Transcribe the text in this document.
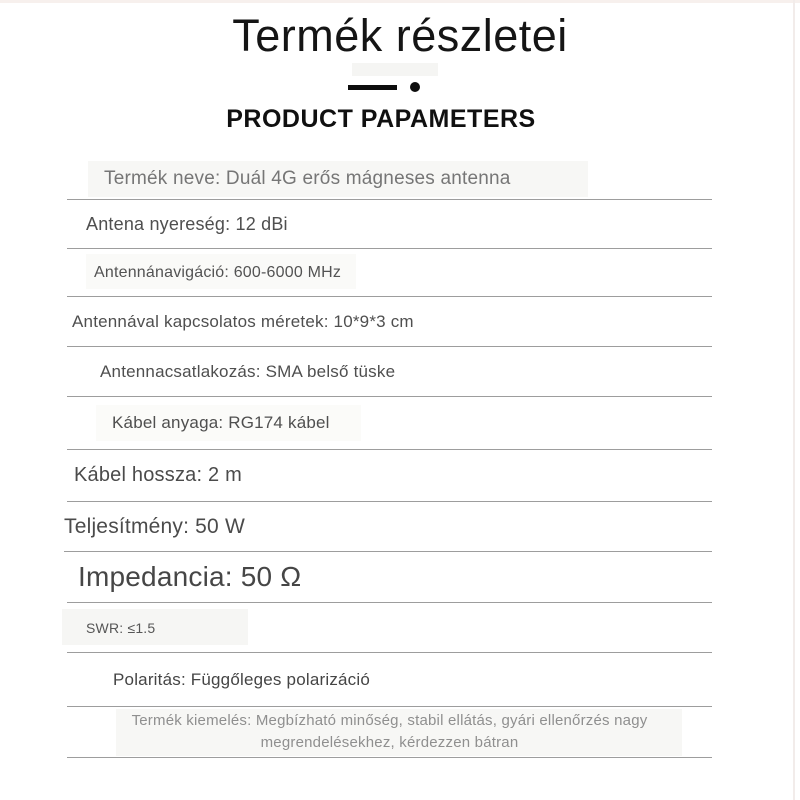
Termék részletei
PRODUCT PAPAMETERS
Termék neve: Duál 4G erős mágneses antenna
Antena nyereség: 12 dBi
Antennánavigáció: 600-6000 MHz
Antennával kapcsolatos méretek: 10*9*3 cm
Antennacsatlakozás: SMA belső tüske
Kábel anyaga: RG174 kábel
Kábel hossza: 2 m
Teljesítmény: 50 W
Impedancia: 50 Ω
SWR: ≤1.5
Polaritás: Függőleges polarizáció
Termék kiemelés: Megbízható minőség, stabil ellátás, gyári ellenőrzés nagy megrendelésekhez, kérdezzen bátran
